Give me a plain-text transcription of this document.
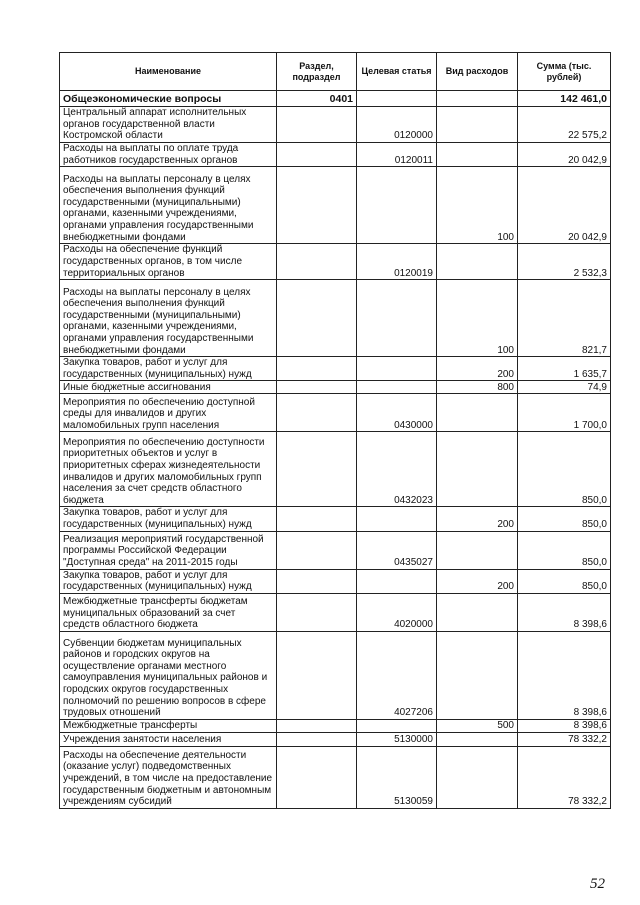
Наименование	Раздел, подраздел	Целевая статья	Вид расходов	Сумма (тыс. рублей)
Общеэкономические вопросы	0401			142 461,0
Центральный аппарат исполнительных органов государственной власти Костромской области		0120000		22 575,2
Расходы на выплаты по оплате труда работников государственных органов		0120011		20 042,9
Расходы на выплаты персоналу в целях обеспечения выполнения функций государственными (муниципальными) органами, казенными учреждениями, органами управления государственными внебюджетными фондами			100	20 042,9
Расходы на обеспечение функций государственных органов, в том числе территориальных органов		0120019		2 532,3
Расходы на выплаты персоналу в целях обеспечения выполнения функций государственными (муниципальными) органами, казенными учреждениями, органами управления государственными внебюджетными фондами			100	821,7
Закупка товаров, работ и услуг для государственных (муниципальных) нужд			200	1 635,7
Иные бюджетные ассигнования			800	74,9
Мероприятия по обеспечению доступной среды для инвалидов и других маломобильных групп населения		0430000		1 700,0
Мероприятия по обеспечению доступности приоритетных объектов и услуг в приоритетных сферах жизнедеятельности инвалидов и других маломобильных групп населения за счет средств областного бюджета		0432023		850,0
Закупка товаров, работ и услуг для государственных (муниципальных) нужд			200	850,0
Реализация мероприятий государственной программы Российской Федерации "Доступная среда" на 2011-2015 годы		0435027		850,0
Закупка товаров, работ и услуг для государственных (муниципальных) нужд			200	850,0
Межбюджетные трансферты бюджетам муниципальных образований за счет средств областного бюджета		4020000		8 398,6
Субвенции бюджетам муниципальных районов и городских округов на осуществление органами местного самоуправления муниципальных районов и городских округов государственных полномочий по решению вопросов в сфере трудовых отношений		4027206		8 398,6
Межбюджетные трансферты			500	8 398,6
Учреждения занятости населения		5130000		78 332,2
Расходы на обеспечение деятельности (оказание услуг) подведомственных учреждений, в том числе на предоставление государственным бюджетным и автономным учреждениям субсидий		5130059		78 332,2
52
